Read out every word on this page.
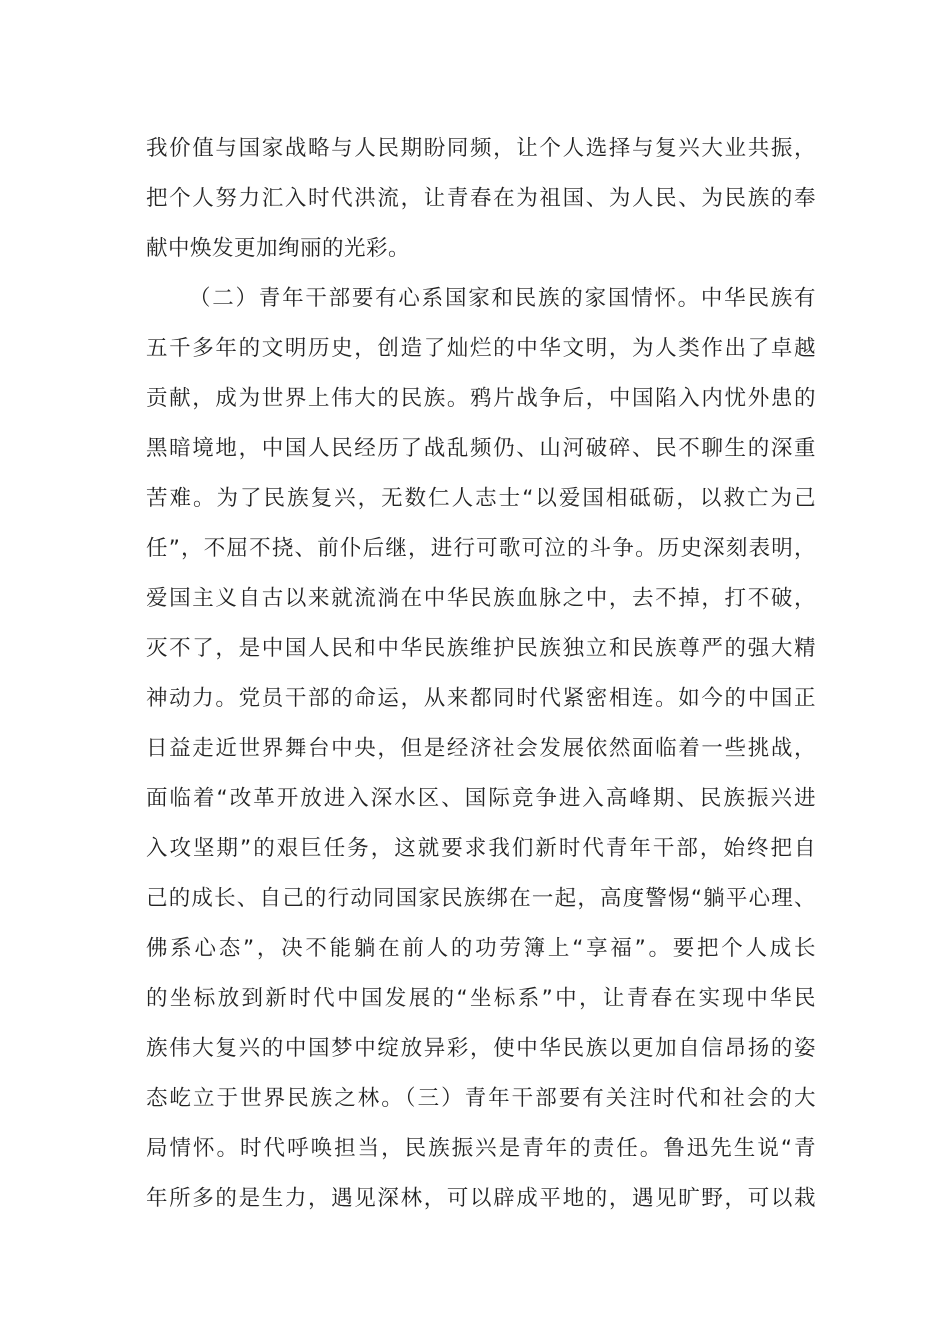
我价值与国家战略与人民期盼同频，让个人选择与复兴大业共振，
把个人努力汇入时代洪流，让青春在为祖国、为人民、为民族的奉
献中焕发更加绚丽的光彩。
（二）青年干部要有心系国家和民族的家国情怀。中华民族有
五千多年的文明历史，创造了灿烂的中华文明，为人类作出了卓越
贡献，成为世界上伟大的民族。鸦片战争后，中国陷入内忧外患的
黑暗境地，中国人民经历了战乱频仍、山河破碎、民不聊生的深重
苦难。为了民族复兴，无数仁人志士“以爱国相砥砺，以救亡为己
任”，不屈不挠、前仆后继，进行可歌可泣的斗争。历史深刻表明，
爱国主义自古以来就流淌在中华民族血脉之中，去不掉，打不破，
灭不了，是中国人民和中华民族维护民族独立和民族尊严的强大精
神动力。党员干部的命运，从来都同时代紧密相连。如今的中国正
日益走近世界舞台中央，但是经济社会发展依然面临着一些挑战，
面临着“改革开放进入深水区、国际竞争进入高峰期、民族振兴进
入攻坚期”的艰巨任务，这就要求我们新时代青年干部，始终把自
己的成长、自己的行动同国家民族绑在一起，高度警惕“躺平心理、
佛系心态”，决不能躺在前人的功劳簿上“享福”。要把个人成长
的坐标放到新时代中国发展的“坐标系”中，让青春在实现中华民
族伟大复兴的中国梦中绽放异彩，使中华民族以更加自信昂扬的姿
态屹立于世界民族之林。（三）青年干部要有关注时代和社会的大
局情怀。时代呼唤担当，民族振兴是青年的责任。鲁迅先生说“青
年所多的是生力，遇见深林，可以辟成平地的，遇见旷野，可以栽
